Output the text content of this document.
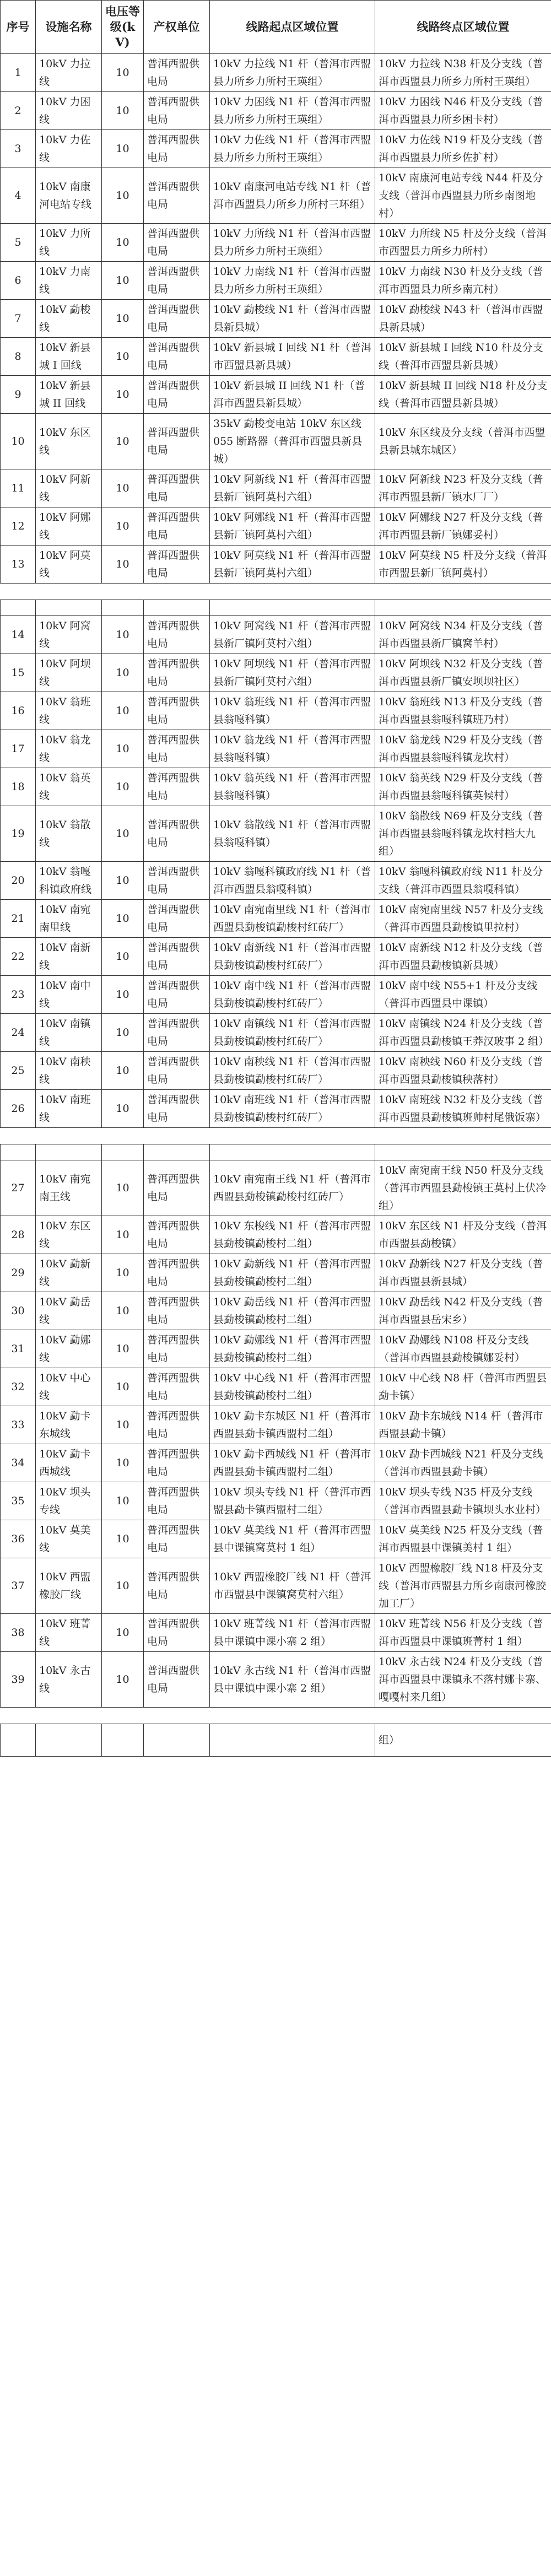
序号	设施名称	电压等级(kV)	产权单位	线路起点区域位置	线路终点区域位置
1	10kV 力拉线	10	普洱西盟供电局	10kV 力拉线 N1 杆（普洱市西盟县力所乡力所村王瑛组）	10kV 力拉线 N38 杆及分支线（普洱市西盟县力所乡力所村王瑛组）
2	10kV 力困线	10	普洱西盟供电局	10kV 力困线 N1 杆（普洱市西盟县力所乡力所村王瑛组）	10kV 力困线 N46 杆及分支线（普洱市西盟县力所乡困卡村）
3	10kV 力佐线	10	普洱西盟供电局	10kV 力佐线 N1 杆（普洱市西盟县力所乡力所村王瑛组）	10kV 力佐线 N19 杆及分支线（普洱市西盟县力所乡佐扩村）
4	10kV 南康河电站专线	10	普洱西盟供电局	10kV 南康河电站专线 N1 杆（普洱市西盟县力所乡力所村三环组）	10kV 南康河电站专线 N44 杆及分支线（普洱市西盟县力所乡南图地村）
5	10kV 力所线	10	普洱西盟供电局	10kV 力所线 N1 杆（普洱市西盟县力所乡力所村王瑛组）	10kV 力所线 N5 杆及分支线（普洱市西盟县力所乡力所村）
6	10kV 力南线	10	普洱西盟供电局	10kV 力南线 N1 杆（普洱市西盟县力所乡力所村王瑛组）	10kV 力南线 N30 杆及分支线（普洱市西盟县力所乡南亢村）
7	10kV 勐梭线	10	普洱西盟供电局	10kV 勐梭线 N1 杆（普洱市西盟县新县城）	10kV 勐梭线 N43 杆（普洱市西盟县新县城）
8	10kV 新县城 I 回线	10	普洱西盟供电局	10kV 新县城 I 回线 N1 杆（普洱市西盟县新县城）	10kV 新县城 I 回线 N10 杆及分支线（普洱市西盟县新县城）
9	10kV 新县城 II 回线	10	普洱西盟供电局	10kV 新县城 II 回线 N1 杆（普洱市西盟县新县城）	10kV 新县城 II 回线 N18 杆及分支线（普洱市西盟县新县城）
10	10kV 东区线	10	普洱西盟供电局	35kV 勐梭变电站 10kV 东区线 055 断路器（普洱市西盟县新县城）	10kV 东区线及分支线（普洱市西盟县新县城东城区）
11	10kV 阿新线	10	普洱西盟供电局	10kV 阿新线 N1 杆（普洱市西盟县新厂镇阿莫村六组）	10kV 阿新线 N23 杆及分支线（普洱市西盟县新厂镇水厂厂）
12	10kV 阿娜线	10	普洱西盟供电局	10kV 阿娜线 N1 杆（普洱市西盟县新厂镇阿莫村六组）	10kV 阿娜线 N27 杆及分支线（普洱市西盟县新厂镇娜妥村）
13	10kV 阿莫线	10	普洱西盟供电局	10kV 阿莫线 N1 杆（普洱市西盟县新厂镇阿莫村六组）	10kV 阿莫线 N5 杆及分支线（普洱市西盟县新厂镇阿莫村）

14	10kV 阿窝线	10	普洱西盟供电局	10kV 阿窝线 N1 杆（普洱市西盟县新厂镇阿莫村六组）	10kV 阿窝线 N34 杆及分支线（普洱市西盟县新厂镇窝羊村）
15	10kV 阿坝线	10	普洱西盟供电局	10kV 阿坝线 N1 杆（普洱市西盟县新厂镇阿莫村六组）	10kV 阿坝线 N32 杆及分支线（普洱市西盟县新厂镇安坝坝社区）
16	10kV 翁班线	10	普洱西盟供电局	10kV 翁班线 N1 杆（普洱市西盟县翁嘎科镇）	10kV 翁班线 N13 杆及分支线（普洱市西盟县翁嘎科镇班乃村）
17	10kV 翁龙线	10	普洱西盟供电局	10kV 翁龙线 N1 杆（普洱市西盟县翁嘎科镇）	10kV 翁龙线 N29 杆及分支线（普洱市西盟县翁嘎科镇龙坎村）
18	10kV 翁英线	10	普洱西盟供电局	10kV 翁英线 N1 杆（普洱市西盟县翁嘎科镇）	10kV 翁英线 N29 杆及分支线（普洱市西盟县翁嘎科镇英候村）
19	10kV 翁散线	10	普洱西盟供电局	10kV 翁散线 N1 杆（普洱市西盟县翁嘎科镇）	10kV 翁散线 N69 杆及分支线（普洱市西盟县翁嘎科镇龙坎村档大九组）
20	10kV 翁嘎科镇政府线	10	普洱西盟供电局	10kV 翁嘎科镇政府线 N1 杆（普洱市西盟县翁嘎科镇）	10kV 翁嘎科镇政府线 N11 杆及分支线（普洱市西盟县翁嘎科镇）
21	10kV 南宛南里线	10	普洱西盟供电局	10kV 南宛南里线 N1 杆（普洱市西盟县勐梭镇勐梭村红砖厂）	10kV 南宛南里线 N57 杆及分支线（普洱市西盟县勐梭镇里拉村）
22	10kV 南新线	10	普洱西盟供电局	10kV 南新线 N1 杆（普洱市西盟县勐梭镇勐梭村红砖厂）	10kV 南新线 N12 杆及分支线（普洱市西盟县勐梭镇新县城）
23	10kV 南中线	10	普洱西盟供电局	10kV 南中线 N1 杆（普洱市西盟县勐梭镇勐梭村红砖厂）	10kV 南中线 N55+1 杆及分支线（普洱市西盟县中课镇）
24	10kV 南镇线	10	普洱西盟供电局	10kV 南镇线 N1 杆（普洱市西盟县勐梭镇勐梭村红砖厂）	10kV 南镇线 N24 杆及分支线（普洱市西盟县勐梭镇王莽汉玻事 2 组）
25	10kV 南秧线	10	普洱西盟供电局	10kV 南秧线 N1 杆（普洱市西盟县勐梭镇勐梭村红砖厂）	10kV 南秧线 N60 杆及分支线（普洱市西盟县勐梭镇秧落村）
26	10kV 南班线	10	普洱西盟供电局	10kV 南班线 N1 杆（普洱市西盟县勐梭镇勐梭村红砖厂）	10kV 南班线 N32 杆及分支线（普洱市西盟县勐梭镇班帅村尾俄饭寨）

27	10kV 南宛南王线	10	普洱西盟供电局	10kV 南宛南王线 N1 杆（普洱市西盟县勐梭镇勐梭村红砖厂）	10kV 南宛南王线 N50 杆及分支线（普洱市西盟县勐梭镇王莫村上伏冷组）
28	10kV 东区线	10	普洱西盟供电局	10kV 东梭线 N1 杆（普洱市西盟县勐梭镇勐梭村二组）	10kV 东区线 N1 杆及分支线（普洱市西盟县勐梭镇）
29	10kV 勐新线	10	普洱西盟供电局	10kV 勐新线 N1 杆（普洱市西盟县勐梭镇勐梭村二组）	10kV 勐新线 N27 杆及分支线（普洱市西盟县新县城）
30	10kV 勐岳线	10	普洱西盟供电局	10kV 勐岳线 N1 杆（普洱市西盟县勐梭镇勐梭村二组）	10kV 勐岳线 N42 杆及分支线（普洱市西盟县岳宋乡）
31	10kV 勐娜线	10	普洱西盟供电局	10kV 勐娜线 N1 杆（普洱市西盟县勐梭镇勐梭村二组）	10kV 勐娜线 N108 杆及分支线（普洱市西盟县勐梭镇娜妥村）
32	10kV 中心线	10	普洱西盟供电局	10kV 中心线 N1 杆（普洱市西盟县勐梭镇勐梭村二组）	10kV 中心线 N8 杆（普洱市西盟县勐卡镇）
33	10kV 勐卡东城线	10	普洱西盟供电局	10kV 勐卡东城区 N1 杆（普洱市西盟县勐卡镇西盟村二组）	10kV 勐卡东城线 N14 杆（普洱市西盟县勐卡镇）
34	10kV 勐卡西城线	10	普洱西盟供电局	10kV 勐卡西城线 N1 杆（普洱市西盟县勐卡镇西盟村二组）	10kV 勐卡西城线 N21 杆及分支线（普洱市西盟县勐卡镇）
35	10kV 坝头专线	10	普洱西盟供电局	10kV 坝头专线 N1 杆（普洱市西盟县勐卡镇西盟村二组）	10kV 坝头专线 N35 杆及分支线（普洱市西盟县勐卡镇坝头水业村）
36	10kV 莫美线	10	普洱西盟供电局	10kV 莫美线 N1 杆（普洱市西盟县中课镇窝莫村 1 组）	10kV 莫美线 N25 杆及分支线（普洱市西盟县中课镇美村 1 组）
37	10kV 西盟橡胶厂线	10	普洱西盟供电局	10kV 西盟橡胶厂线 N1 杆（普洱市西盟县中课镇窝莫村六组）	10kV 西盟橡胶厂线 N18 杆及分支线（普洱市西盟县力所乡南康河橡胶加工厂）
38	10kV 班菁线	10	普洱西盟供电局	10kV 班菁线 N1 杆（普洱市西盟县中课镇中课小寨 2 组）	10kV 班菁线 N56 杆及分支线（普洱市西盟县中课镇班菁村 1 组）
39	10kV 永古线	10	普洱西盟供电局	10kV 永古线 N1 杆（普洱市西盟县中课镇中课小寨 2 组）	10kV 永古线 N24 杆及分支线（普洱市西盟县中课镇永不落村娜卡寨、嘎嘎村来几组）

					组）
